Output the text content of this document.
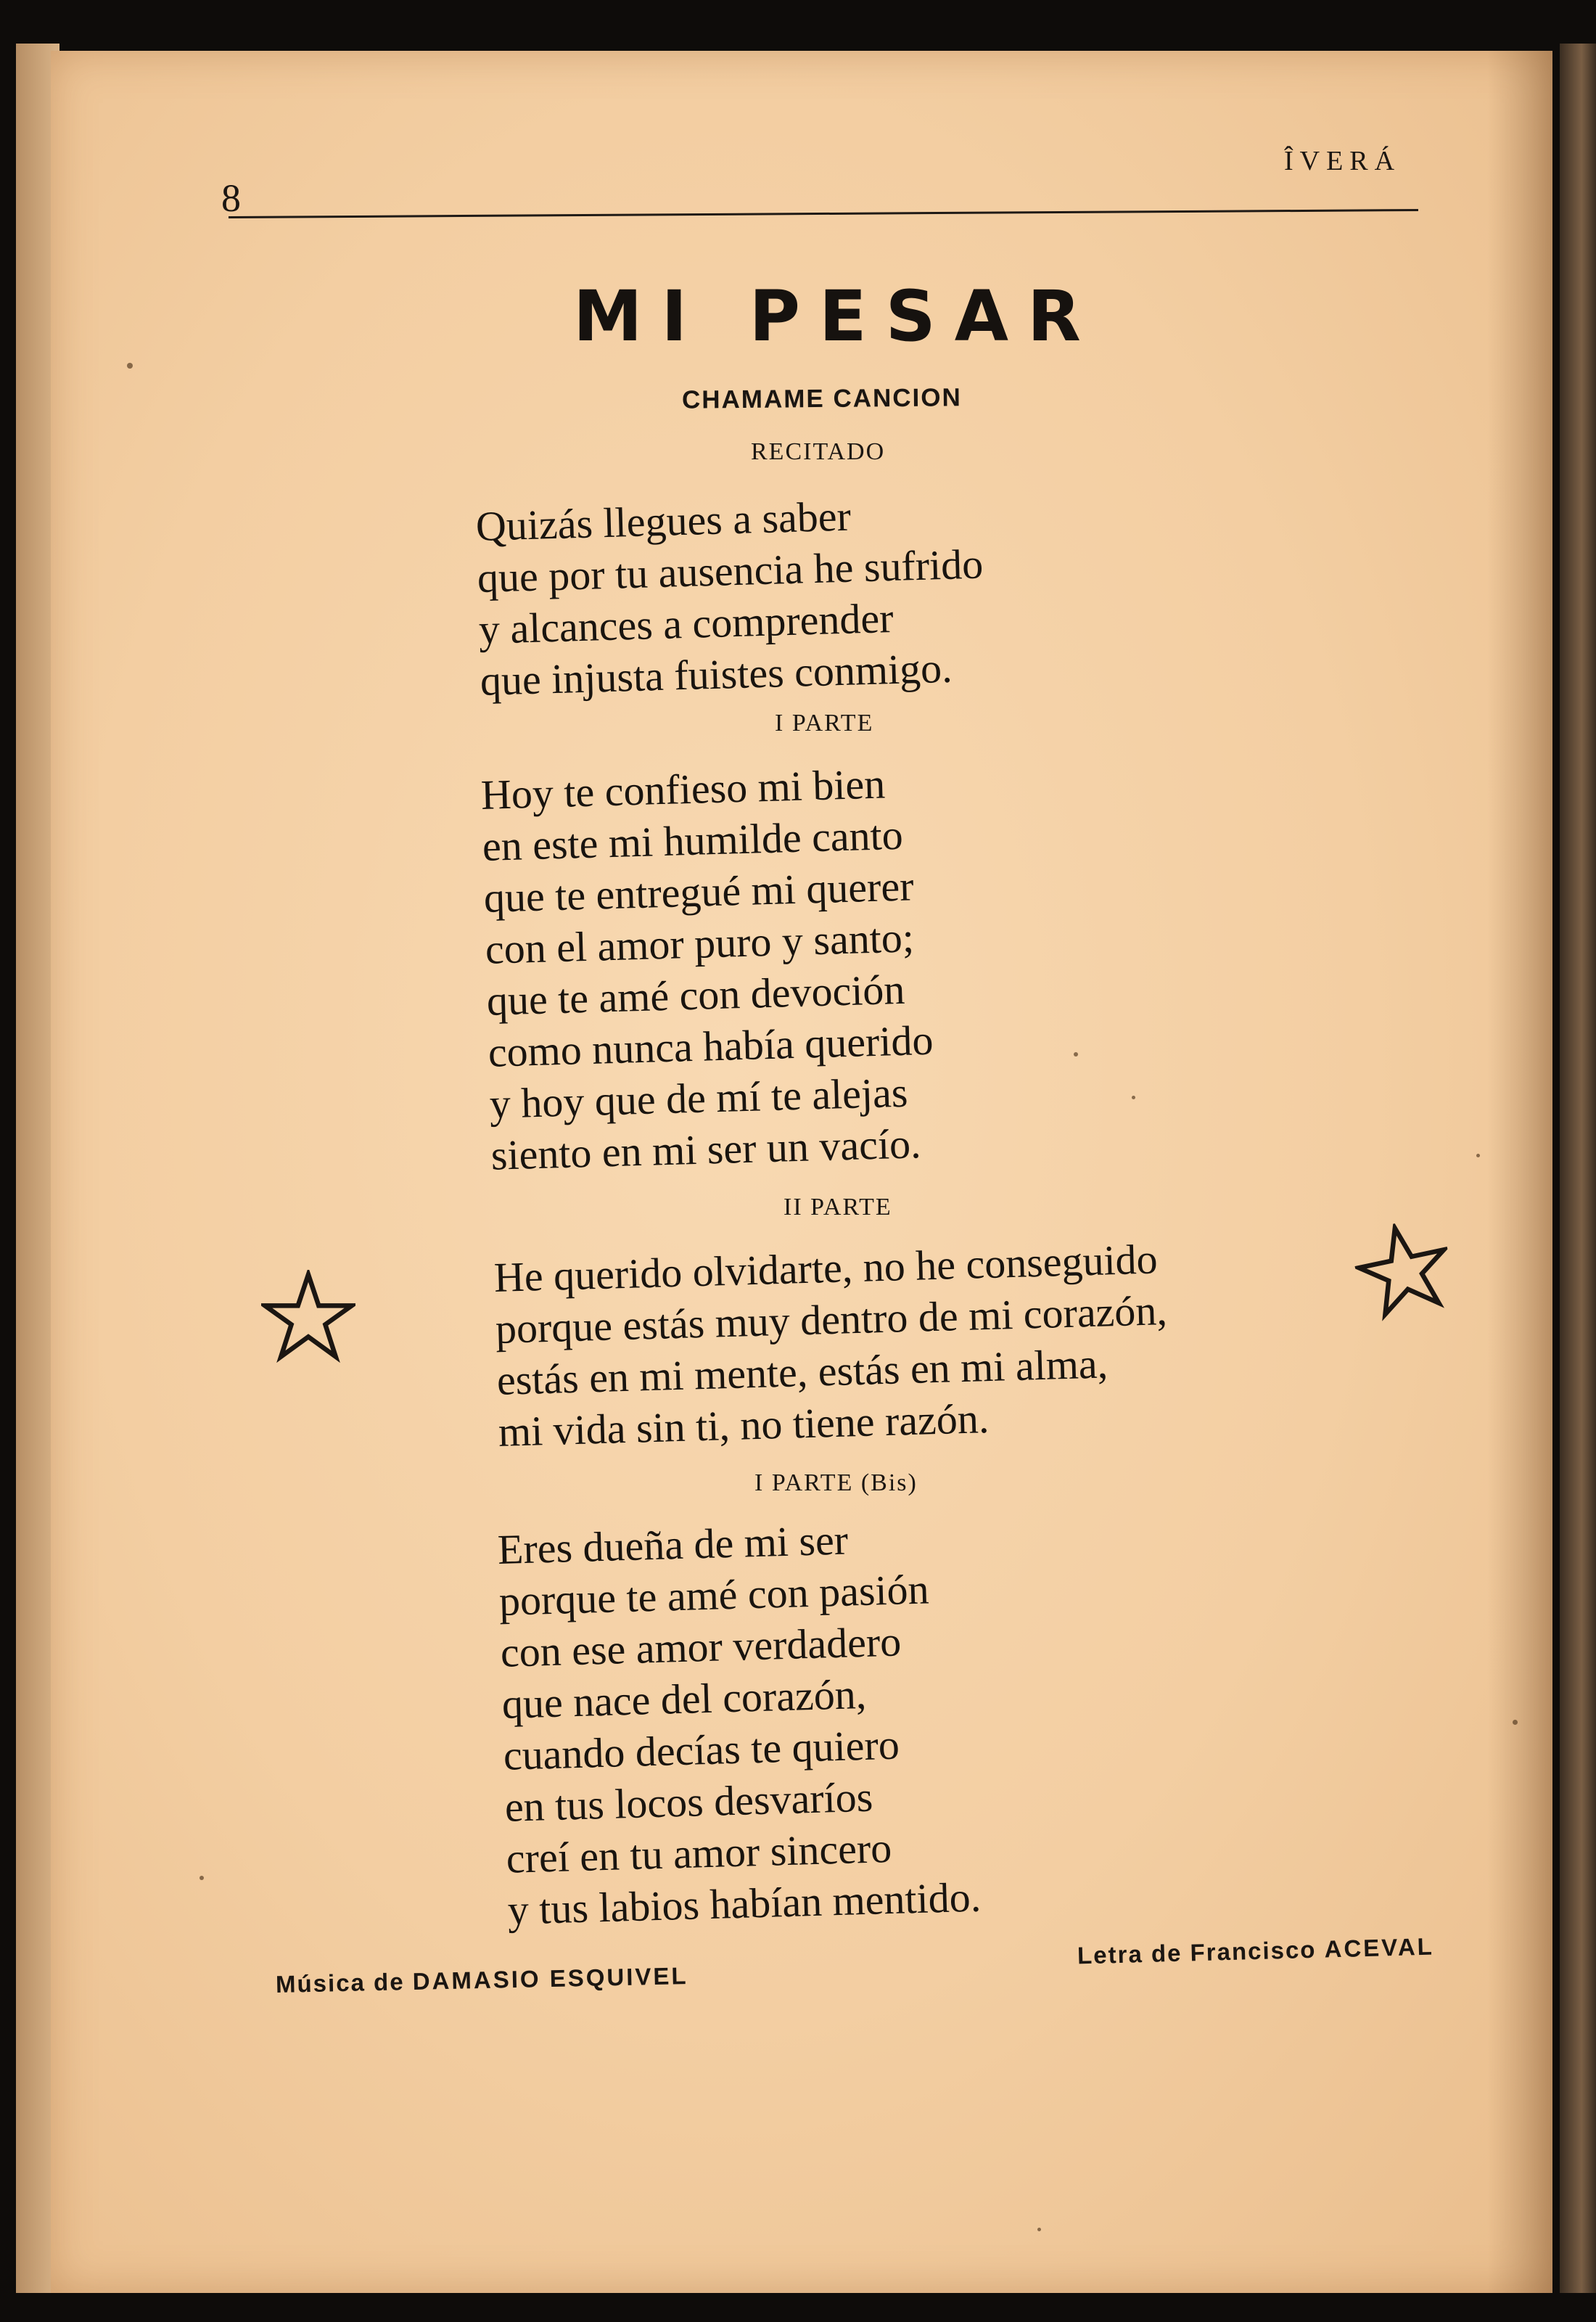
8
ÎVERÁ
MI PESAR
CHAMAME CANCION
RECITADO
Quizás llegues a saber
que por tu ausencia he sufrido
y alcances a comprender
que injusta fuistes conmigo.
I PARTE
Hoy te confieso mi bien
en este mi humilde canto
que te entregué mi querer
con el amor puro y santo;
que te amé con devoción
como nunca había querido
y hoy que de mí te alejas
siento en mi ser un vacío.
II PARTE
He querido olvidarte, no he conseguido
porque estás muy dentro de mi corazón,
estás en mi mente, estás en mi alma,
mi vida sin ti, no tiene razón.
I PARTE (Bis)
Eres dueña de mi ser
porque te amé con pasión
con ese amor verdadero
que nace del corazón,
cuando decías te quiero
en tus locos desvaríos
creí en tu amor sincero
y tus labios habían mentido.
Música de DAMASIO ESQUIVEL
Letra de Francisco ACEVAL
